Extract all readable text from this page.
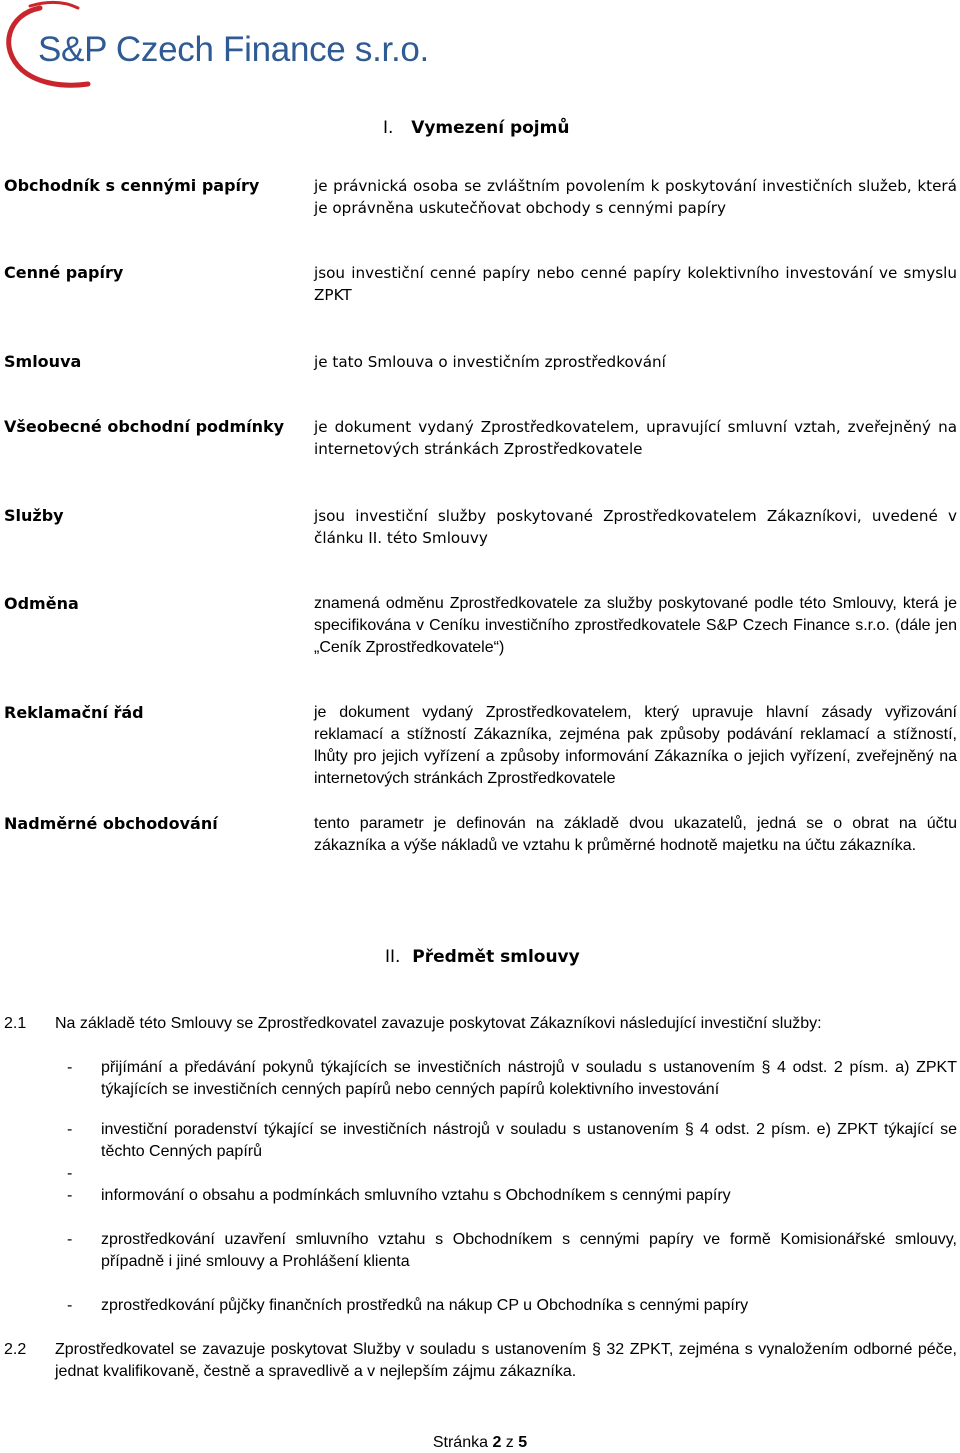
S&P Czech Finance s.r.o.
I. Vymezení pojmů
Obchodník s cennými papíry	je právnická osoba se zvláštním povolením k poskytování investičních služeb, která je oprávněna uskutečňovat obchody s cennými papíry
Cenné papíry	jsou investiční cenné papíry nebo cenné papíry kolektivního investování ve smyslu ZPKT
Smlouva	je tato Smlouva o investičním zprostředkování
Všeobecné obchodní podmínky	je dokument vydaný Zprostředkovatelem, upravující smluvní vztah, zveřejněný na internetových stránkách Zprostředkovatele
Služby	jsou investiční služby poskytované Zprostředkovatelem Zákazníkovi, uvedené v článku II. této Smlouvy
Odměna	znamená odměnu Zprostředkovatele za služby poskytované podle této Smlouvy, která je specifikována v Ceníku investičního zprostředkovatele S&P Czech Finance s.r.o. (dále jen „Ceník Zprostředkovatele“)
Reklamační řád	je dokument vydaný Zprostředkovatelem, který upravuje hlavní zásady vyřizování reklamací a stížností Zákazníka, zejména pak způsoby podávání reklamací a stížností, lhůty pro jejich vyřízení a způsoby informování Zákazníka o jejich vyřízení, zveřejněný na internetových stránkách Zprostředkovatele
Nadměrné obchodování	tento parametr je definován na základě dvou ukazatelů, jedná se o obrat na účtu zákazníka a výše nákladů ve vztahu k průměrné hodnotě majetku na účtu zákazníka.
II. Předmět smlouvy
2.1 Na základě této Smlouvy se Zprostředkovatel zavazuje poskytovat Zákazníkovi následující investiční služby:
- přijímání a předávání pokynů týkajících se investičních nástrojů v souladu s ustanovením § 4 odst. 2 písm. a) ZPKT týkajících se investičních cenných papírů nebo cenných papírů kolektivního investování
- investiční poradenství týkající se investičních nástrojů v souladu s ustanovením § 4 odst. 2 písm. e) ZPKT týkající se těchto Cenných papírů
-
- informování o obsahu a podmínkách smluvního vztahu s Obchodníkem s cennými papíry
- zprostředkování uzavření smluvního vztahu s Obchodníkem s cennými papíry ve formě Komisionářské smlouvy, případně i jiné smlouvy a Prohlášení klienta
- zprostředkování půjčky finančních prostředků na nákup CP u Obchodníka s cennými papíry
2.2 Zprostředkovatel se zavazuje poskytovat Služby v souladu s ustanovením § 32 ZPKT, zejména s vynaložením odborné péče, jednat kvalifikovaně, čestně a spravedlivě a v nejlepším zájmu zákazníka.
Stránka 2 z 5
